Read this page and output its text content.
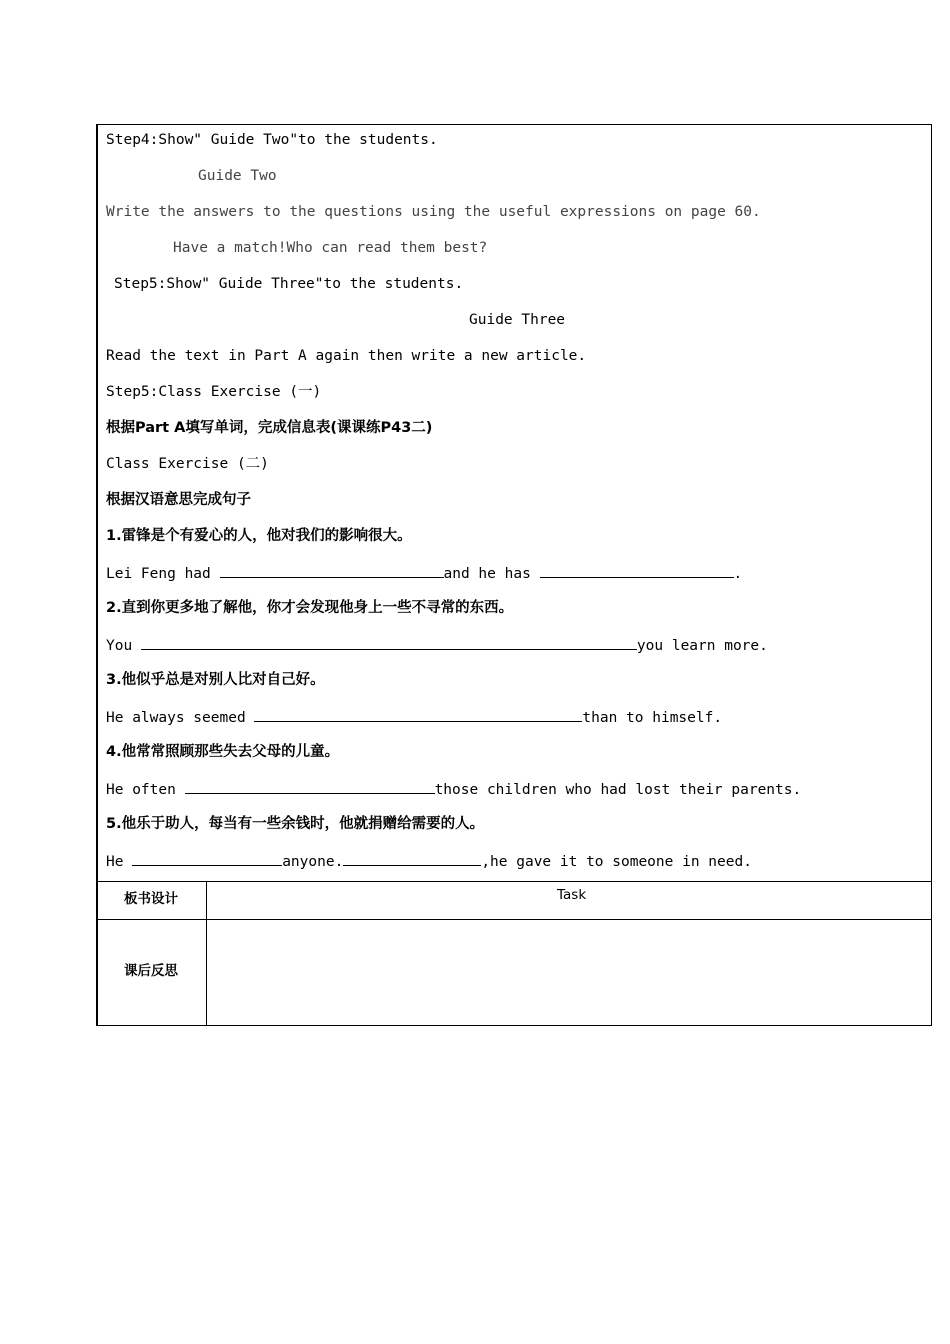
Step4:Show" Guide Two"to the students.
Guide Two
Write the answers to the questions using the useful expressions on page 60.
Have a match!Who can read them best?
Step5:Show" Guide Three"to the students.
Guide Three
Read the text in Part A again then write a new article.
Step5:Class Exercise (一)
根据Part A填写单词，完成信息表(课课练P43二)
Class Exercise (二)
根据汉语意思完成句子
1.雷锋是个有爱心的人，他对我们的影响很大。
Lei Feng had	and he has	.
2.直到你更多地了解他，你才会发现他身上一些不寻常的东西。
You	you learn more.
3.他似乎总是对别人比对自己好。
He always seemed	than to himself.
4.他常常照顾那些失去父母的儿童。
He often	those children who had lost their parents.
5.他乐于助人，每当有一些余钱时，他就捐赠给需要的人。
He	anyone.	,he gave it to someone in need.
板书设计	Task
课后反思
